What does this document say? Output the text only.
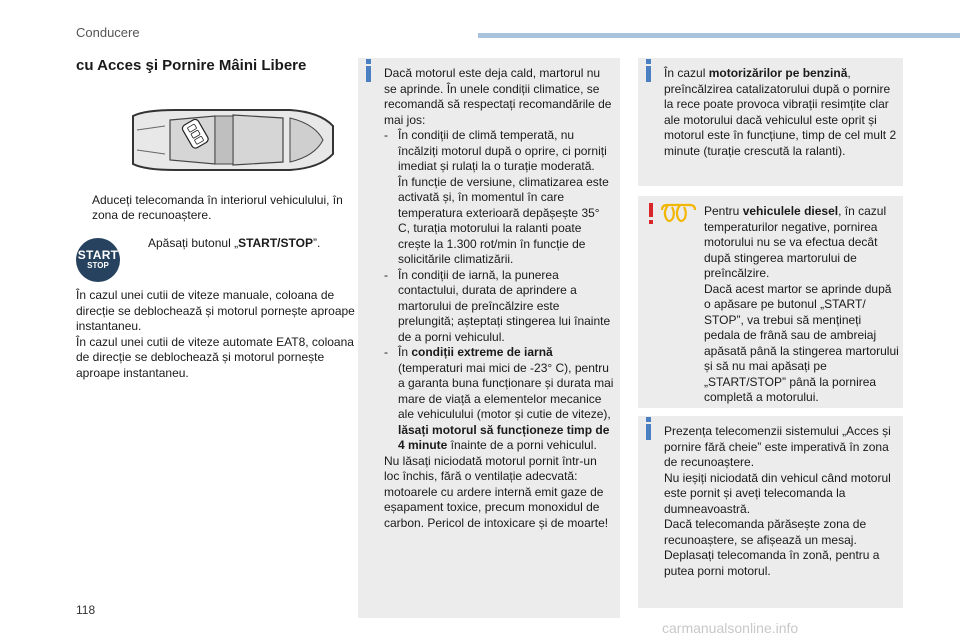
Conducere
cu Acces şi Pornire Mâini Libere
Aduceți telecomanda în interiorul vehiculului, în zona de recunoaștere.
START
STOP
Apăsați butonul „START/STOP”.

În cazul unei cutii de viteze manuale, coloana de direcție se deblochează și motorul pornește aproape instantaneu.
În cazul unei cutii de viteze automate EAT8, coloana de direcție se deblochează și motorul pornește aproape instantaneu.

Dacă motorul este deja cald, martorul nu se aprinde. În unele condiții climatice, se recomandă să respectați recomandările de mai jos:
-   În condiții de climă temperată, nu încălziți motorul după o oprire, ci porniți imediat și rulați la o turație moderată.
În funcție de versiune, climatizarea este activată și, în momentul în care temperatura exterioară depășește 35° C, turația motorului la ralanti poate crește la 1.300 rot/min în funcție de solicitările climatizării.
-   În condiții de iarnă, la punerea contactului, durata de aprindere a martorului de preîncălzire este prelungită; așteptați stingerea lui înainte de a porni vehiculul.
-   În condiții extreme de iarnă (temperaturi mai mici de -23° C), pentru a garanta buna funcționare și durata mai mare de viață a elementelor mecanice ale vehiculului (motor și cutie de viteze), lăsați motorul să funcționeze timp de 4 minute înainte de a porni vehiculul.
Nu lăsați niciodată motorul pornit într-un loc închis, fără o ventilație adecvată: motoarele cu ardere internă emit gaze de eșapament toxice, precum monoxidul de carbon. Pericol de intoxicare și de moarte!
În cazul motorizărilor pe benzină, preîncălzirea catalizatorului după o pornire la rece poate provoca vibrații resimțite clar ale motorului dacă vehiculul este oprit și motorul este în funcțiune, timp de cel mult 2 minute (turație crescută la ralanti).
Pentru vehiculele diesel, în cazul temperaturilor negative, pornirea motorului nu se va efectua decât după stingerea martorului de preîncălzire.
Dacă acest martor se aprinde după o apăsare pe butonul „START/ STOP”, va trebui să mențineți pedala de frână sau de ambreiaj apăsată până la stingerea martorului și să nu mai apăsați pe „START/STOP” până la pornirea completă a motorului.
Prezența telecomenzii sistemului „Acces și pornire fără cheie” este imperativă în zona de recunoaștere.
Nu ieșiți niciodată din vehicul când motorul este pornit și aveți telecomanda la dumneavoastră.
Dacă telecomanda părăsește zona de recunoaștere, se afișează un mesaj.
Deplasați telecomanda în zonă, pentru a putea porni motorul.
118
carmanualsonline.info
